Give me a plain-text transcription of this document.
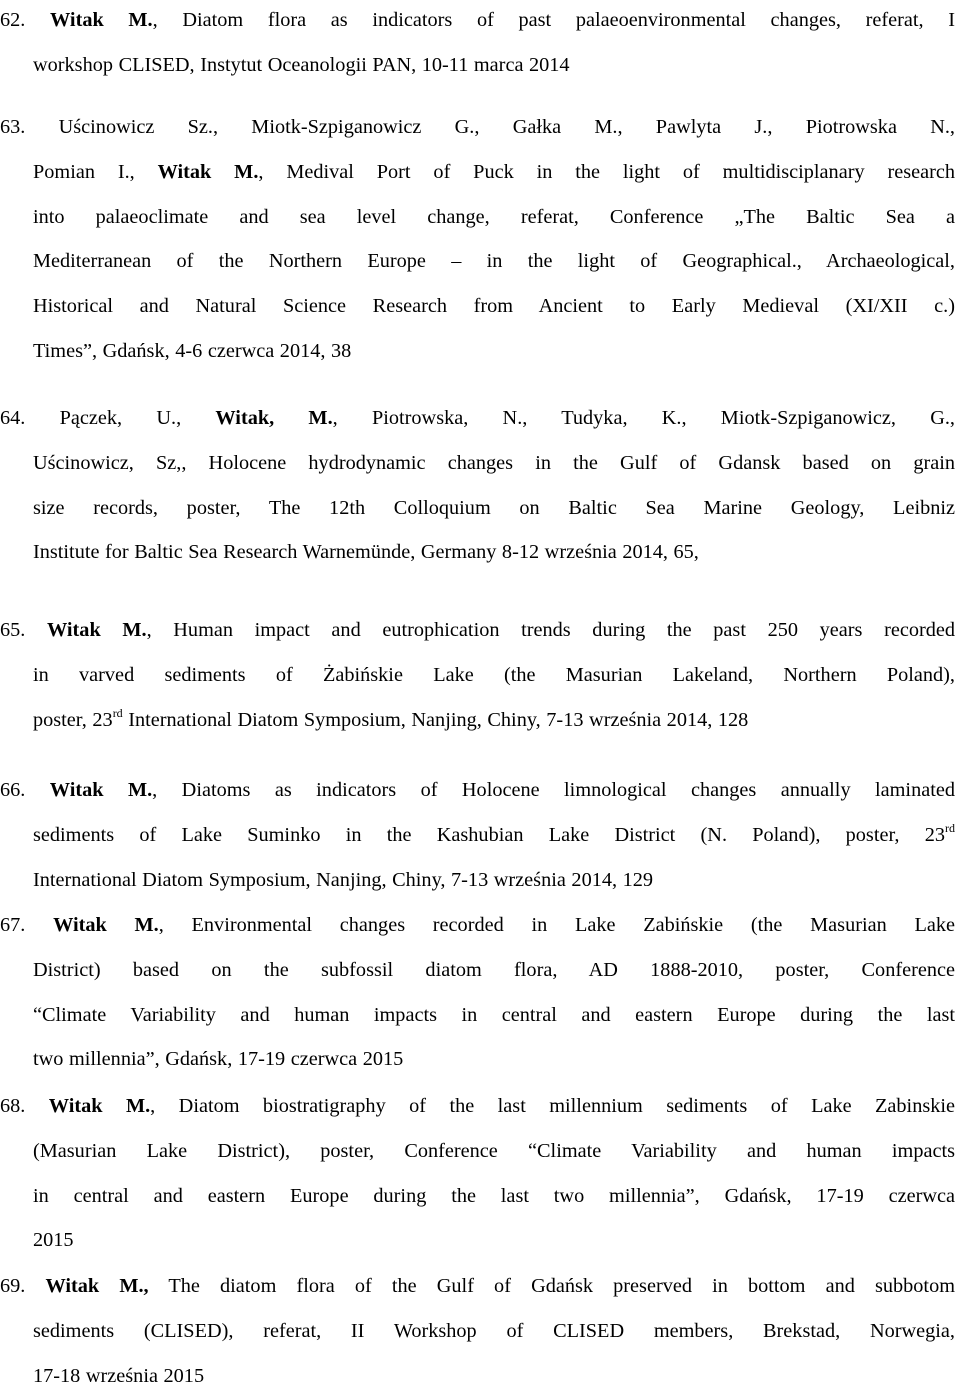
62. Witak M., Diatom flora as indicators of past palaeoenvironmental changes, referat, I
workshop CLISED, Instytut Oceanologii PAN, 10-11 marca 2014
63. Uścinowicz Sz., Miotk-Szpiganowicz G., Gałka M., Pawlyta J., Piotrowska N.,
Pomian I., Witak M., Medival Port of Puck in the light of multidisciplanary research
into palaeoclimate and sea level change, referat, Conference „The Baltic Sea a
Mediterranean of the Northern Europe – in the light of Geographical., Archaeological,
Historical and Natural Science Research from Ancient to Early Medieval (XI/XII c.)
Times”, Gdańsk, 4-6 czerwca 2014, 38
64. Pączek, U., Witak, M., Piotrowska, N., Tudyka, K., Miotk-Szpiganowicz, G.,
Uścinowicz, Sz,, Holocene hydrodynamic changes in the Gulf of Gdansk based on grain
size records, poster, The 12th Colloquium on Baltic Sea Marine Geology, Leibniz
Institute for Baltic Sea Research Warnemünde, Germany 8-12 września 2014, 65,
65. Witak M., Human impact and eutrophication trends during the past 250 years recorded
in varved sediments of Żabińskie Lake (the Masurian Lakeland, Northern Poland),
poster, 23rd International Diatom Symposium, Nanjing, Chiny, 7-13 września 2014, 128
66. Witak M., Diatoms as indicators of Holocene limnological changes annually laminated
sediments of Lake Suminko in the Kashubian Lake District (N. Poland), poster, 23rd
International Diatom Symposium, Nanjing, Chiny, 7-13 września 2014, 129
67. Witak M., Environmental changes recorded in Lake Zabińskie (the Masurian Lake
District) based on the subfossil diatom flora, AD 1888-2010, poster, Conference
“Climate Variability and human impacts in central and eastern Europe during the last
two millennia”, Gdańsk, 17-19 czerwca 2015
68. Witak M., Diatom biostratigraphy of the last millennium sediments of Lake Zabinskie
(Masurian Lake District), poster, Conference “Climate Variability and human impacts
in central and eastern Europe during the last two millennia”, Gdańsk, 17-19 czerwca
2015
69. Witak M., The diatom flora of the Gulf of Gdańsk preserved in bottom and subbotom
sediments (CLISED), referat, II Workshop of CLISED members, Brekstad, Norwegia,
17-18 września 2015
